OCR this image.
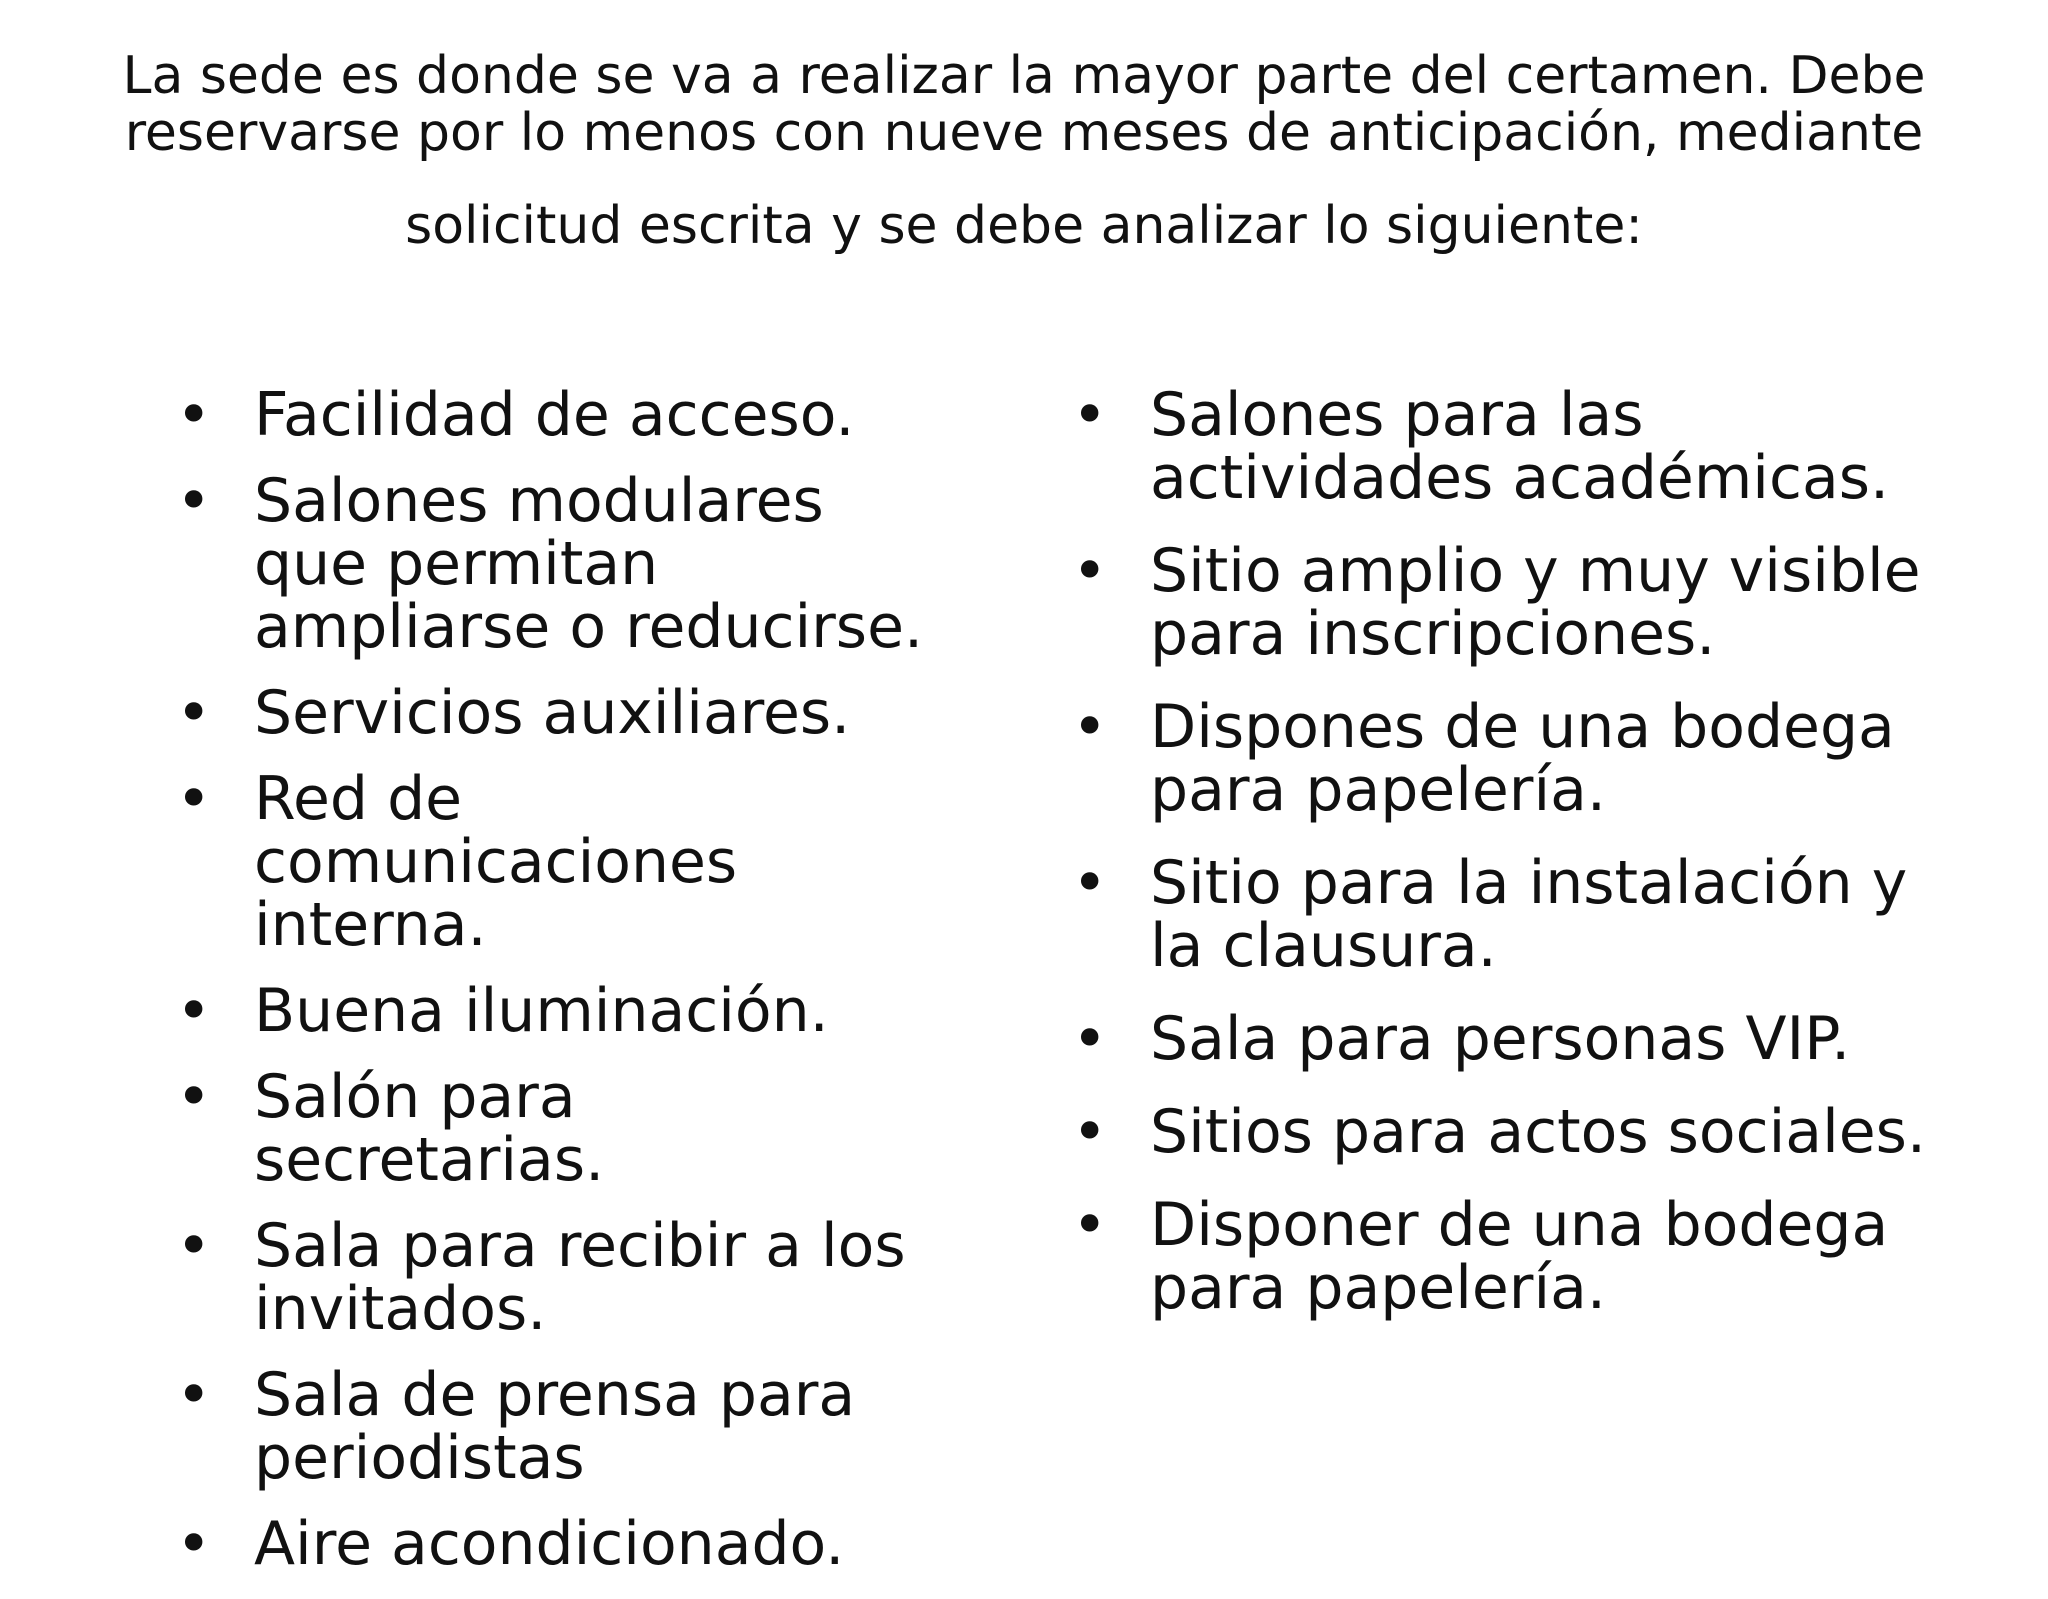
La sede es donde se va a realizar la mayor parte del certamen. Debe
reservarse por lo menos con nueve meses de anticipación, mediante
solicitud escrita y se debe analizar lo siguiente:
• Facilidad de acceso.
• Salones modulares que permitan ampliarse o reducirse.
• Servicios auxiliares.
• Red de comunicaciones interna.
• Buena iluminación.
• Salón para secretarias.
• Sala para recibir a los invitados.
• Sala de prensa para periodistas
• Aire acondicionado.
• Salones para las actividades académicas.
• Sitio amplio y muy visible para inscripciones.
• Dispones de una bodega para papelería.
• Sitio para la instalación y la clausura.
• Sala para personas VIP.
• Sitios para actos sociales.
• Disponer de una bodega para papelería.
